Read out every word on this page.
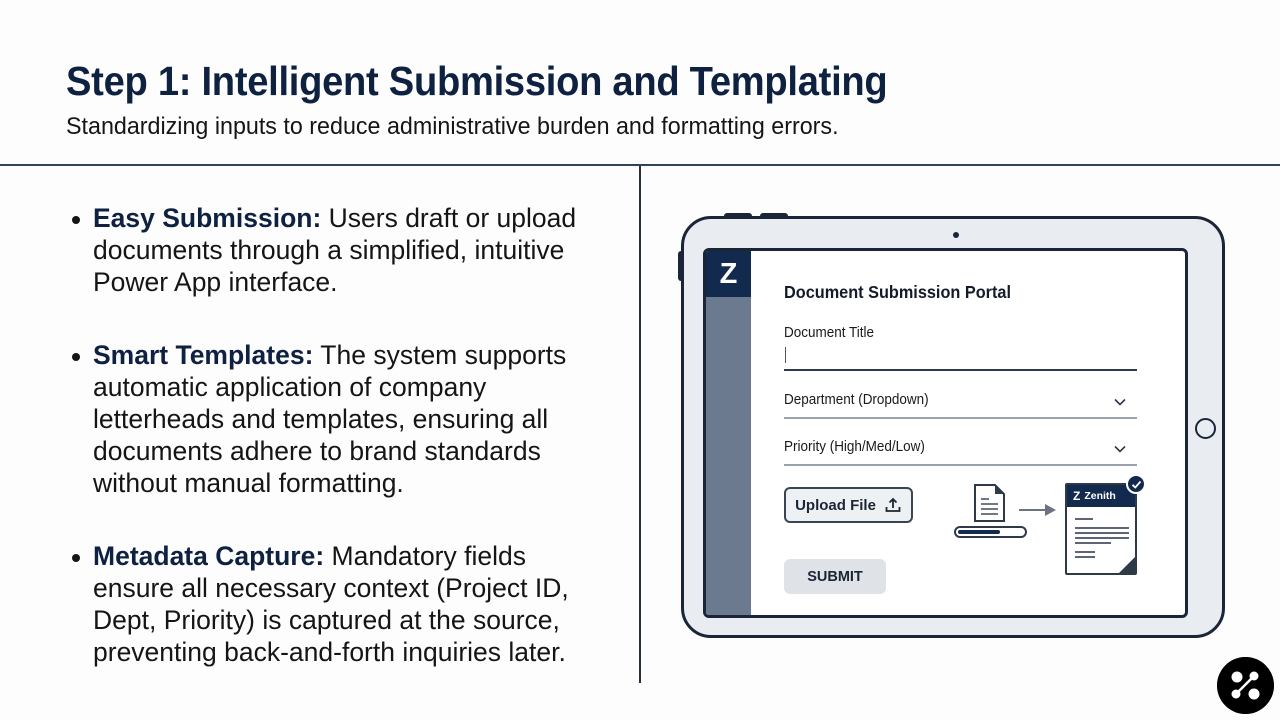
Step 1: Intelligent Submission and Templating

Standardizing inputs to reduce administrative burden and formatting errors.

Easy Submission: Users draft or upload documents through a simplified, intuitive Power App interface.
Smart Templates: The system supports automatic application of company letterheads and templates, ensuring all documents adhere to brand standards without manual formatting.
Metadata Capture: Mandatory fields ensure all necessary context (Project ID, Dept, Priority) is captured at the source, preventing back-and-forth inquiries later.
Z
Document Submission Portal
Document Title
Department (Dropdown)
Priority (High/Med/Low)
Upload File
SUBMIT
Z Zenith
